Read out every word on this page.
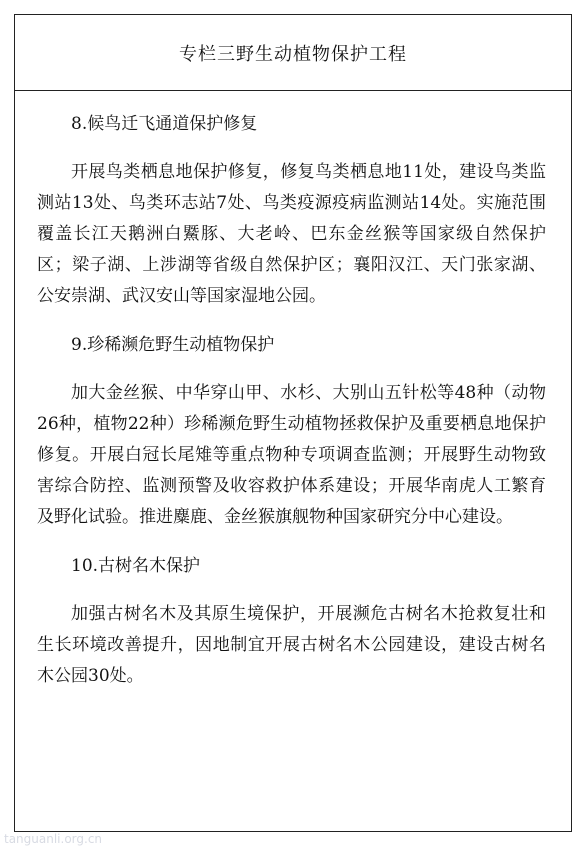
专栏三野生动植物保护工程

8.候鸟迁飞通道保护修复

开展鸟类栖息地保护修复，修复鸟类栖息地11处，建设鸟类监测站13处、鸟类环志站7处、鸟类疫源疫病监测站14处。实施范围覆盖长江天鹅洲白鱀豚、大老岭、巴东金丝猴等国家级自然保护区；梁子湖、上涉湖等省级自然保护区；襄阳汉江、天门张家湖、公安崇湖、武汉安山等国家湿地公园。

9.珍稀濒危野生动植物保护

加大金丝猴、中华穿山甲、水杉、大别山五针松等48种（动物26种，植物22种）珍稀濒危野生动植物拯救保护及重要栖息地保护修复。开展白冠长尾雉等重点物种专项调查监测；开展野生动物致害综合防控、监测预警及收容救护体系建设；开展华南虎人工繁育及野化试验。推进麋鹿、金丝猴旗舰物种国家研究分中心建设。

10.古树名木保护

加强古树名木及其原生境保护，开展濒危古树名木抢救复壮和生长环境改善提升，因地制宜开展古树名木公园建设，建设古树名木公园30处。

tanguanli.org.cn
